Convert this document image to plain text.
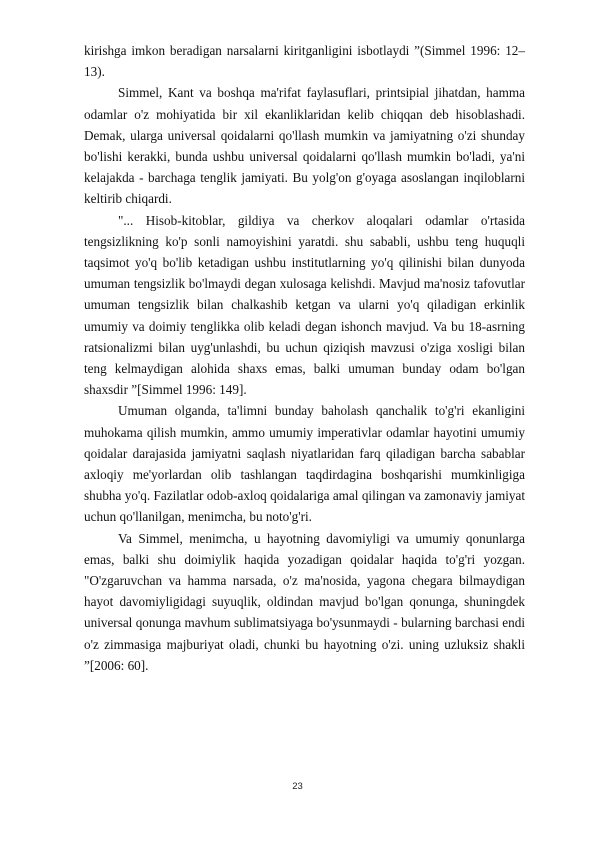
kirishga imkon beradigan narsalarni kiritganligini isbotlaydi ”(Simmel 1996: 12–13).

Simmel, Kant va boshqa ma'rifat faylasuflari, printsipial jihatdan, hamma odamlar o'z mohiyatida bir xil ekanliklaridan kelib chiqqan deb hisoblashadi. Demak, ularga universal qoidalarni qo'llash mumkin va jamiyatning o'zi shunday bo'lishi kerakki, bunda ushbu universal qoidalarni qo'llash mumkin bo'ladi, ya'ni kelajakda - barchaga tenglik jamiyati. Bu yolg'on g'oyaga asoslangan inqiloblarni keltirib chiqardi.

"... Hisob-kitoblar, gildiya va cherkov aloqalari odamlar o'rtasida tengsizlikning ko'p sonli namoyishini yaratdi. shu sababli, ushbu teng huquqli taqsimot yo'q bo'lib ketadigan ushbu institutlarning yo'q qilinishi bilan dunyoda umuman tengsizlik bo'lmaydi degan xulosaga kelishdi. Mavjud ma'nosiz tafovutlar umuman tengsizlik bilan chalkashib ketgan va ularni yo'q qiladigan erkinlik umumiy va doimiy tenglikka olib keladi degan ishonch mavjud. Va bu 18-asrning ratsionalizmi bilan uyg'unlashdi, bu uchun qiziqish mavzusi o'ziga xosligi bilan teng kelmaydigan alohida shaxs emas, balki umuman bunday odam bo'lgan shaxsdir ”[Simmel 1996: 149].

Umuman olganda, ta'limni bunday baholash qanchalik to'g'ri ekanligini muhokama qilish mumkin, ammo umumiy imperativlar odamlar hayotini umumiy qoidalar darajasida jamiyatni saqlash niyatlaridan farq qiladigan barcha sabablar axloqiy me'yorlardan olib tashlangan taqdirdagina boshqarishi mumkinligiga shubha yo'q. Fazilatlar odob-axloq qoidalariga amal qilingan va zamonaviy jamiyat uchun qo'llanilgan, menimcha, bu noto'g'ri.

Va Simmel, menimcha, u hayotning davomiyligi va umumiy qonunlarga emas, balki shu doimiylik haqida yozadigan qoidalar haqida to'g'ri yozgan. "O'zgaruvchan va hamma narsada, o'z ma'nosida, yagona chegara bilmaydigan hayot davomiyligidagi suyuqlik, oldindan mavjud bo'lgan qonunga, shuningdek universal qonunga mavhum sublimatsiyaga bo'ysunmaydi - bularning barchasi endi o'z zimmasiga majburiyat oladi, chunki bu hayotning o'zi. uning uzluksiz shakli ”[2006: 60].

23
